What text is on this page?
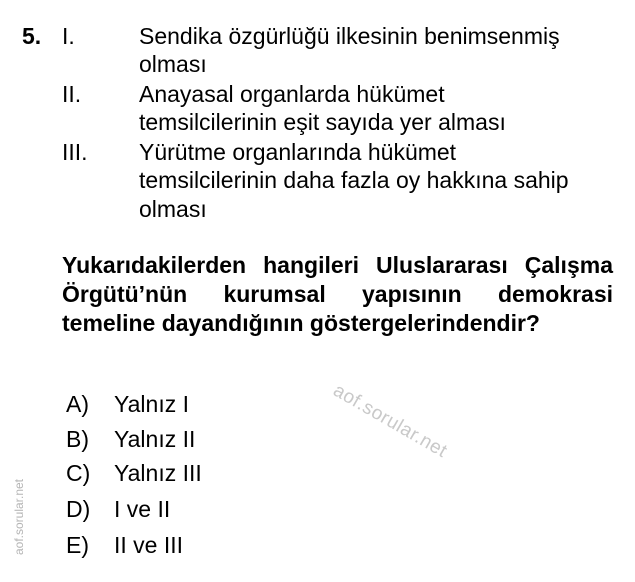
5. I.	Sendika özgürlüğü ilkesinin benimsenmiş
olması
II.	Anayasal organlarda hükümet
temsilcilerinin eşit sayıda yer alması
III. Yürütme organlarında hükümet
temsilcilerinin daha fazla oy hakkına sahip
olması
Yukarıdakilerden hangileri Uluslararası Çalışma Örgütü’nün kurumsal yapısının demokrasi temeline dayandığının göstergelerindendir?
A) Yalnız I
B) Yalnız II
C) Yalnız III
D) I ve II
E) II ve III
aof.sorular.net
aof.sorular.net
